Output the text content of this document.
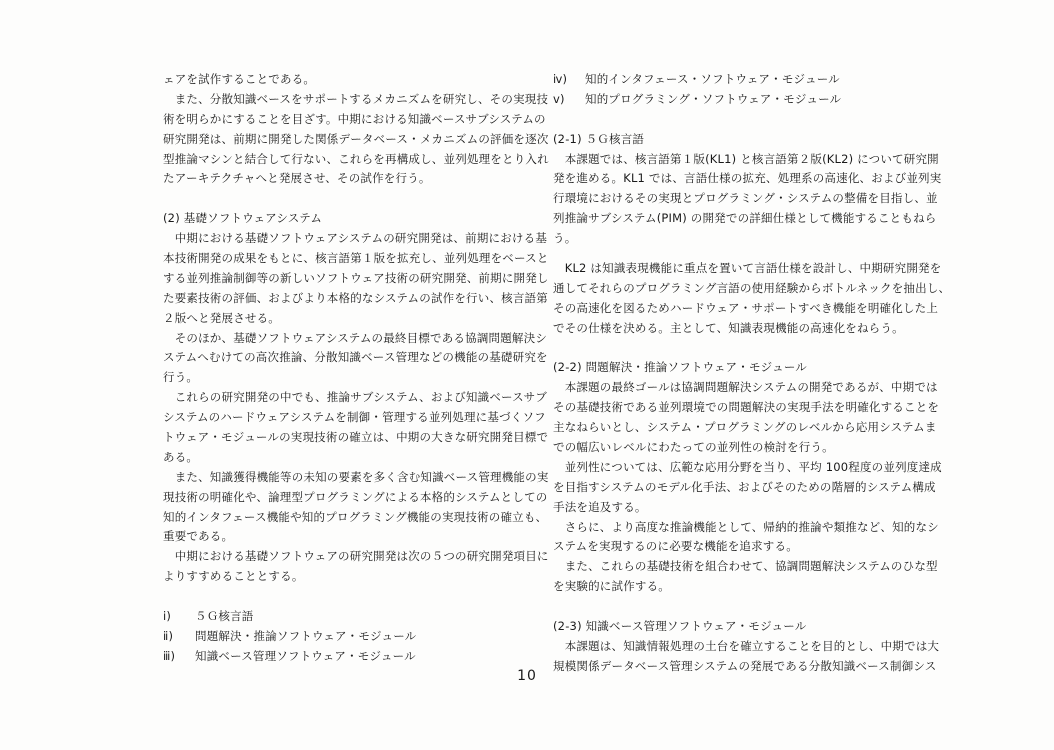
ェアを試作することである。
　また、分散知識ベースをサポートするメカニズムを研究し、その実現技
術を明らかにすることを目ざす。中期における知識ベースサブシステムの
研究開発は、前期に開発した関係データベース・メカニズムの評価を逐次
型推論マシンと結合して行ない、これらを再構成し、並列処理をとり入れ
たアーキテクチャへと発展させ、その試作を行う。
(2) 基礎ソフトウェアシステム
　中期における基礎ソフトウェアシステムの研究開発は、前期における基
本技術開発の成果をもとに、核言語第１版を拡充し、並列処理をベースと
する並列推論制御等の新しいソフトウェア技術の研究開発、前期に開発し
た要素技術の評価、およびより本格的なシステムの試作を行い、核言語第
２版へと発展させる。
　そのほか、基礎ソフトウェアシステムの最終目標である協調問題解決シ
ステムへむけての高次推論、分散知識ベース管理などの機能の基礎研究を
行う。
　これらの研究開発の中でも、推論サブシステム、および知識ベースサブ
システムのハードウェアシステムを制御・管理する並列処理に基づくソフ
トウェア・モジュールの実現技術の確立は、中期の大きな研究開発目標で
ある。
　また、知識獲得機能等の未知の要素を多く含む知識ベース管理機能の実
現技術の明確化や、論理型プログラミングによる本格的システムとしての
知的インタフェース機能や知的プログラミング機能の実現技術の確立も、
重要である。
　中期における基礎ソフトウェアの研究開発は次の５つの研究開発項目に
よりすすめることとする。
ⅰ)	５Ｇ核言語
ⅱ)	問題解決・推論ソフトウェア・モジュール
ⅲ)	知識ベース管理ソフトウェア・モジュール
ⅳ)	知的インタフェース・ソフトウェア・モジュール
ⅴ)	知的プログラミング・ソフトウェア・モジュール
(2-1) ５Ｇ核言語
　本課題では、核言語第１版(KL1) と核言語第２版(KL2) について研究開
発を進める。KL1 では、言語仕様の拡充、処理系の高速化、および並列実
行環境におけるその実現とプログラミング・システムの整備を目指し、並
列推論サブシステム(PIM) の開発での詳細仕様として機能することもねら
う。
　KL2 は知識表現機能に重点を置いて言語仕様を設計し、中期研究開発を
通してそれらのプログラミング言語の使用経験からボトルネックを抽出し、
その高速化を図るためハードウェア・サポートすべき機能を明確化した上
でその仕様を決める。主として、知識表現機能の高速化をねらう。
(2-2) 問題解決・推論ソフトウェア・モジュール
　本課題の最終ゴールは協調問題解決システムの開発であるが、中期では
その基礎技術である並列環境での問題解決の実現手法を明確化することを
主なねらいとし、システム・プログラミングのレベルから応用システムま
での幅広いレベルにわたっての並列性の検討を行う。
　並列性については、広範な応用分野を当り、平均 100程度の並列度達成
を目指すシステムのモデル化手法、およびそのための階層的システム構成
手法を追及する。
　さらに、より高度な推論機能として、帰納的推論や類推など、知的なシ
ステムを実現するのに必要な機能を追求する。
　また、これらの基礎技術を組合わせて、協調問題解決システムのひな型
を実験的に試作する。
(2-3) 知識ベース管理ソフトウェア・モジュール
　本課題は、知識情報処理の土台を確立することを目的とし、中期では大
規模関係データベース管理システムの発展である分散知識ベース制御シス
10
